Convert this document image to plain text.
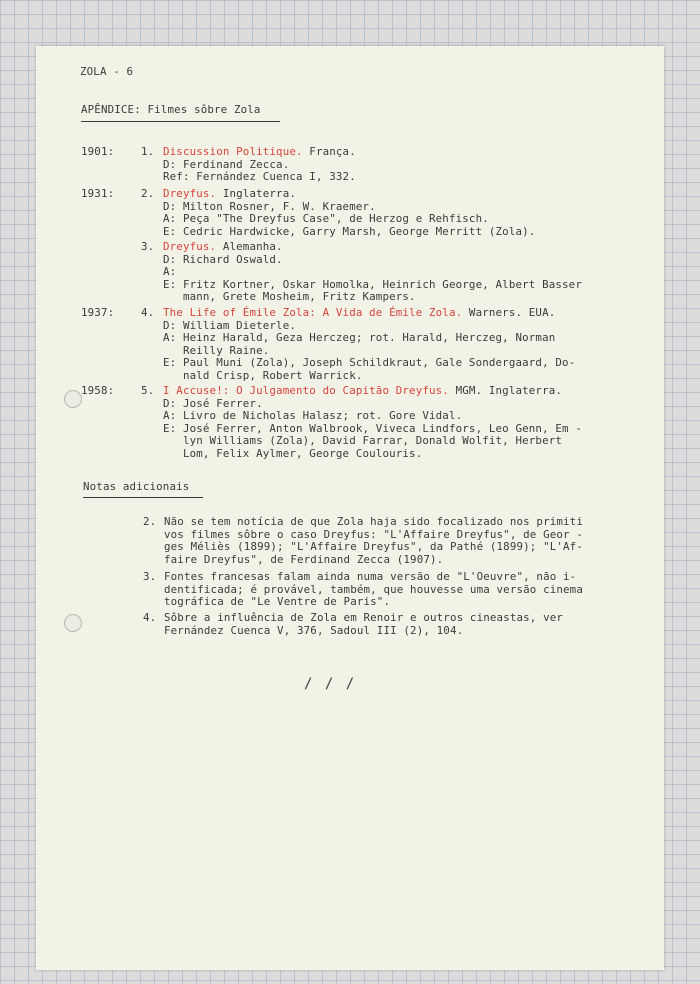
ZOLA - 6
APÊNDICE: Filmes sôbre Zola
1901: 1. Discussion Politique. França.
D: Ferdinand Zecca.
Ref: Fernández Cuenca I, 332.
1931: 2. Dreyfus. Inglaterra.
D: Milton Rosner, F. W. Kraemer.
A: Peça "The Dreyfus Case", de Herzog e Rehfisch.
E: Cedric Hardwicke, Garry Marsh, George Merritt (Zola).
3. Dreyfus. Alemanha.
D: Richard Oswald.
A:
E: Fritz Kortner, Oskar Homolka, Heinrich George, Albert Basser
mann, Grete Mosheim, Fritz Kampers.
1937: 4. The Life of Émile Zola: A Vida de Émile Zola. Warners. EUA.
D: William Dieterle.
A: Heinz Harald, Geza Herczeg; rot. Harald, Herczeg, Norman
Reilly Raine.
E: Paul Muni (Zola), Joseph Schildkraut, Gale Sondergaard, Do-
nald Crisp, Robert Warrick.
1958: 5. I Accuse!: O Julgamento do Capitão Dreyfus. MGM. Inglaterra.
D: José Ferrer.
A: Livro de Nicholas Halasz; rot. Gore Vidal.
E: José Ferrer, Anton Walbrook, Viveca Lindfors, Leo Genn, Em -
lyn Williams (Zola), David Farrar, Donald Wolfit, Herbert
Lom, Felix Aylmer, George Coulouris.
Notas adicionais
2. Não se tem notícia de que Zola haja sido focalizado nos primiti
vos filmes sôbre o caso Dreyfus: "L'Affaire Dreyfus", de Geor -
ges Méliès (1899); "L'Affaire Dreyfus", da Pathé (1899); "L'Af-
faire Dreyfus", de Ferdinand Zecca (1907).
3. Fontes francesas falam ainda numa versão de "L'Oeuvre", não i-
dentificada; é provável, também, que houvesse uma versão cinema
tográfica de "Le Ventre de Paris".
4. Sôbre a influência de Zola em Renoir e outros cineastas, ver
Fernández Cuenca V, 376, Sadoul III (2), 104.
/ / /
